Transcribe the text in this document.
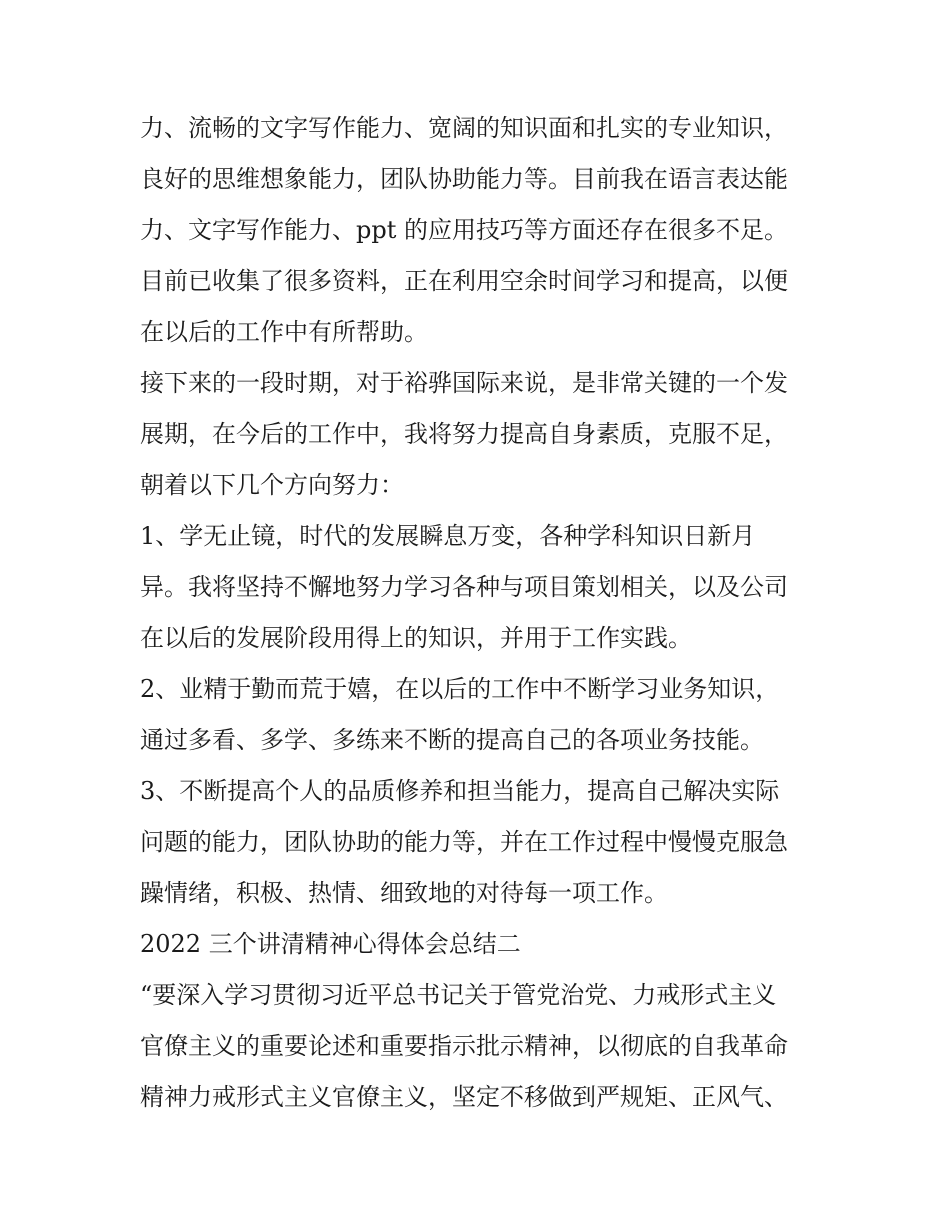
力、流畅的文字写作能力、宽阔的知识面和扎实的专业知识，
良好的思维想象能力，团队协助能力等。目前我在语言表达能
力、文字写作能力、ppt 的应用技巧等方面还存在很多不足。
目前已收集了很多资料，正在利用空余时间学习和提高，以便
在以后的工作中有所帮助。
接下来的一段时期，对于裕骅国际来说，是非常关键的一个发
展期，在今后的工作中，我将努力提高自身素质，克服不足，
朝着以下几个方向努力：
1、学无止镜，时代的发展瞬息万变，各种学科知识日新月
异。我将坚持不懈地努力学习各种与项目策划相关，以及公司
在以后的发展阶段用得上的知识，并用于工作实践。
2、业精于勤而荒于嬉，在以后的工作中不断学习业务知识，
通过多看、多学、多练来不断的提高自己的各项业务技能。
3、不断提高个人的品质修养和担当能力，提高自己解决实际
问题的能力，团队协助的能力等，并在工作过程中慢慢克服急
躁情绪，积极、热情、细致地的对待每一项工作。
2022 三个讲清精神心得体会总结二
“要深入学习贯彻习近平总书记关于管党治党、力戒形式主义
官僚主义的重要论述和重要指示批示精神，以彻底的自我革命
精神力戒形式主义官僚主义，坚定不移做到严规矩、正风气、
